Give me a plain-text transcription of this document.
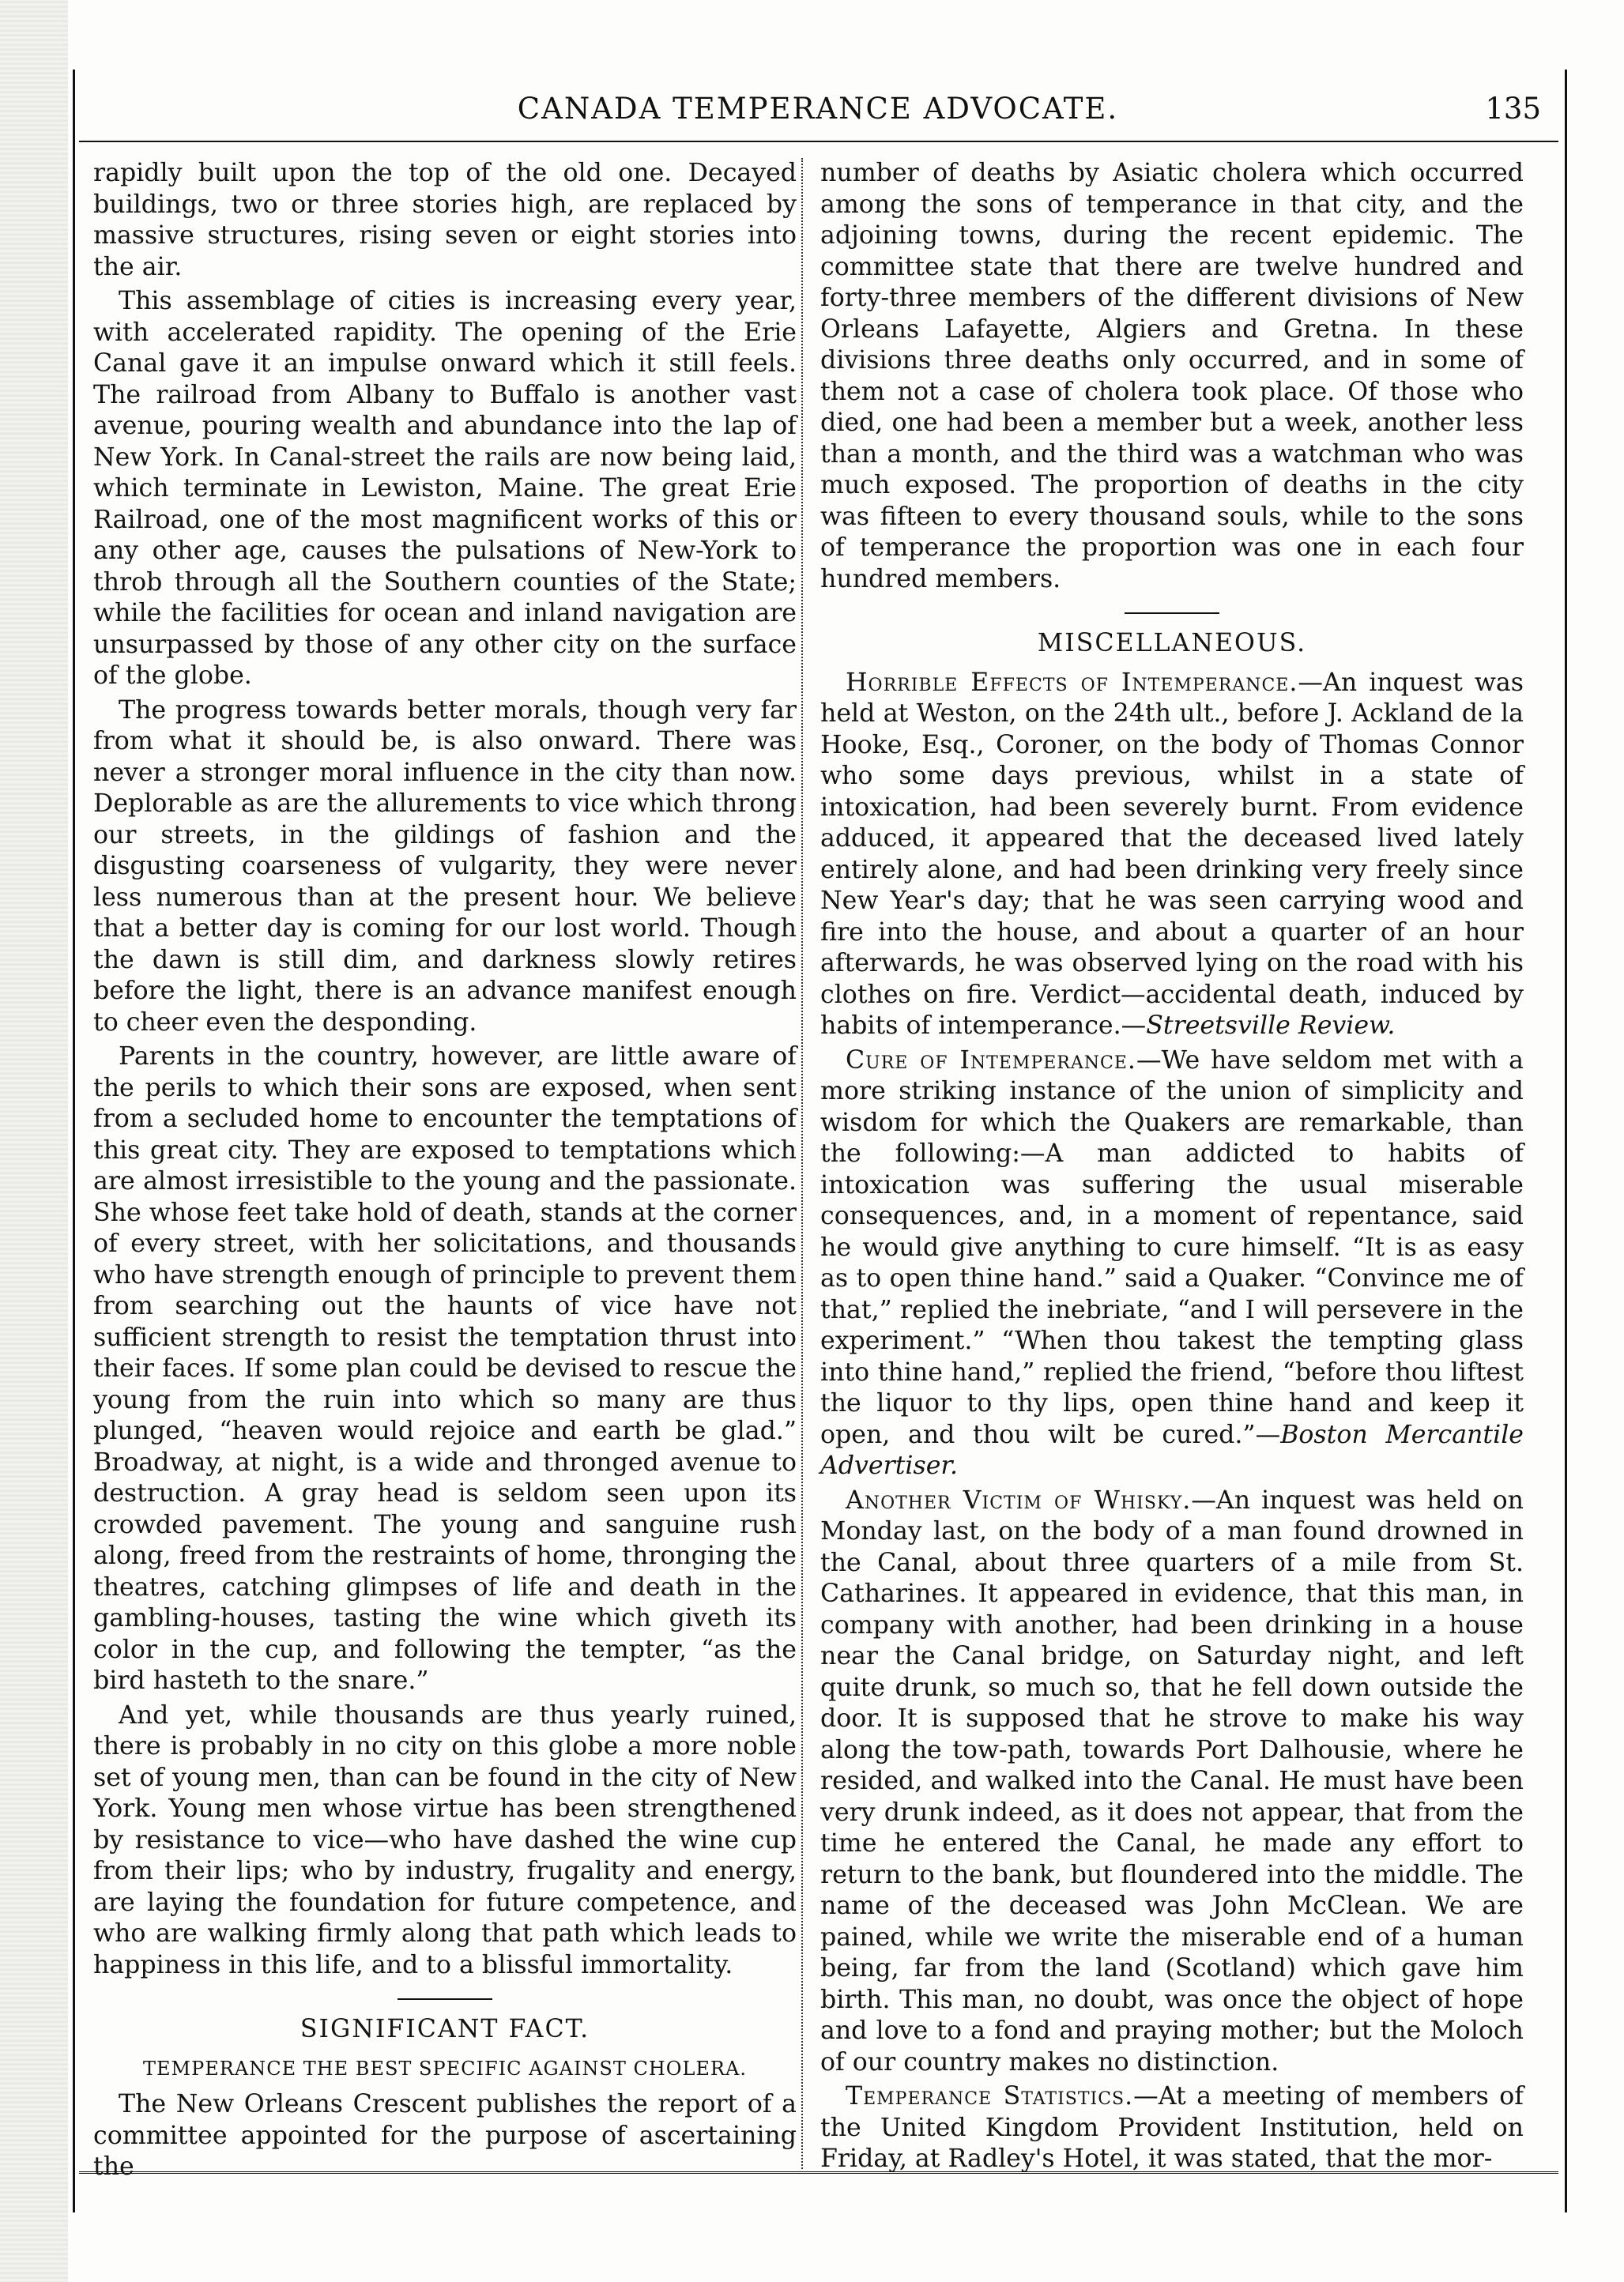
CANADA TEMPERANCE ADVOCATE.	135

rapidly built upon the top of the old one. Decayed buildings, two or three stories high, are replaced by massive structures, rising seven or eight stories into the air.

This assemblage of cities is increasing every year, with accelerated rapidity. The opening of the Erie Canal gave it an impulse onward which it still feels. The railroad from Albany to Buffalo is another vast avenue, pouring wealth and abundance into the lap of New York. In Canal-street the rails are now being laid, which terminate in Lewiston, Maine. The great Erie Railroad, one of the most magnificent works of this or any other age, causes the pulsations of New-York to throb through all the Southern counties of the State; while the facilities for ocean and inland navigation are unsurpassed by those of any other city on the surface of the globe.

The progress towards better morals, though very far from what it should be, is also onward. There was never a stronger moral influence in the city than now. Deplorable as are the allurements to vice which throng our streets, in the gildings of fashion and the disgusting coarseness of vulgarity, they were never less numerous than at the present hour. We believe that a better day is coming for our lost world. Though the dawn is still dim, and darkness slowly retires before the light, there is an advance manifest enough to cheer even the desponding.

Parents in the country, however, are little aware of the perils to which their sons are exposed, when sent from a secluded home to encounter the temptations of this great city. They are exposed to temptations which are almost irresistible to the young and the passionate. She whose feet take hold of death, stands at the corner of every street, with her solicitations, and thousands who have strength enough of principle to prevent them from searching out the haunts of vice have not sufficient strength to resist the temptation thrust into their faces. If some plan could be devised to rescue the young from the ruin into which so many are thus plunged, “heaven would rejoice and earth be glad.” Broadway, at night, is a wide and thronged avenue to destruction. A gray head is seldom seen upon its crowded pavement. The young and sanguine rush along, freed from the restraints of home, thronging the theatres, catching glimpses of life and death in the gambling-houses, tasting the wine which giveth its color in the cup, and following the tempter, “as the bird hasteth to the snare.”

And yet, while thousands are thus yearly ruined, there is probably in no city on this globe a more noble set of young men, than can be found in the city of New York. Young men whose virtue has been strengthened by resistance to vice—who have dashed the wine cup from their lips; who by industry, frugality and energy, are laying the foundation for future competence, and who are walking firmly along that path which leads to happiness in this life, and to a blissful immortality.

SIGNIFICANT FACT.
TEMPERANCE THE BEST SPECIFIC AGAINST CHOLERA.

The New Orleans Crescent publishes the report of a committee appointed for the purpose of ascertaining the

number of deaths by Asiatic cholera which occurred among the sons of temperance in that city, and the adjoining towns, during the recent epidemic. The committee state that there are twelve hundred and forty-three members of the different divisions of New Orleans Lafayette, Algiers and Gretna. In these divisions three deaths only occurred, and in some of them not a case of cholera took place. Of those who died, one had been a member but a week, another less than a month, and the third was a watchman who was much exposed. The proportion of deaths in the city was fifteen to every thousand souls, while to the sons of temperance the proportion was one in each four hundred members.

MISCELLANEOUS.

Horrible Effects of Intemperance.—An inquest was held at Weston, on the 24th ult., before J. Ackland de la Hooke, Esq., Coroner, on the body of Thomas Connor who some days previous, whilst in a state of intoxication, had been severely burnt. From evidence adduced, it appeared that the deceased lived lately entirely alone, and had been drinking very freely since New Year's day; that he was seen carrying wood and fire into the house, and about a quarter of an hour afterwards, he was observed lying on the road with his clothes on fire. Verdict—accidental death, induced by habits of intemperance.—Streetsville Review.

Cure of Intemperance.—We have seldom met with a more striking instance of the union of simplicity and wisdom for which the Quakers are remarkable, than the following:—A man addicted to habits of intoxication was suffering the usual miserable consequences, and, in a moment of repentance, said he would give anything to cure himself. “It is as easy as to open thine hand.” said a Quaker. “Convince me of that,” replied the inebriate, “and I will persevere in the experiment.” “When thou takest the tempting glass into thine hand,” replied the friend, “before thou liftest the liquor to thy lips, open thine hand and keep it open, and thou wilt be cured.”—Boston Mercantile Advertiser.

Another Victim of Whisky.—An inquest was held on Monday last, on the body of a man found drowned in the Canal, about three quarters of a mile from St. Catharines. It appeared in evidence, that this man, in company with another, had been drinking in a house near the Canal bridge, on Saturday night, and left quite drunk, so much so, that he fell down outside the door. It is supposed that he strove to make his way along the tow-path, towards Port Dalhousie, where he resided, and walked into the Canal. He must have been very drunk indeed, as it does not appear, that from the time he entered the Canal, he made any effort to return to the bank, but floundered into the middle. The name of the deceased was John McClean. We are pained, while we write the miserable end of a human being, far from the land (Scotland) which gave him birth. This man, no doubt, was once the object of hope and love to a fond and praying mother; but the Moloch of our country makes no distinction.

Temperance Statistics.—At a meeting of members of the United Kingdom Provident Institution, held on Friday, at Radley's Hotel, it was stated, that the mor-
